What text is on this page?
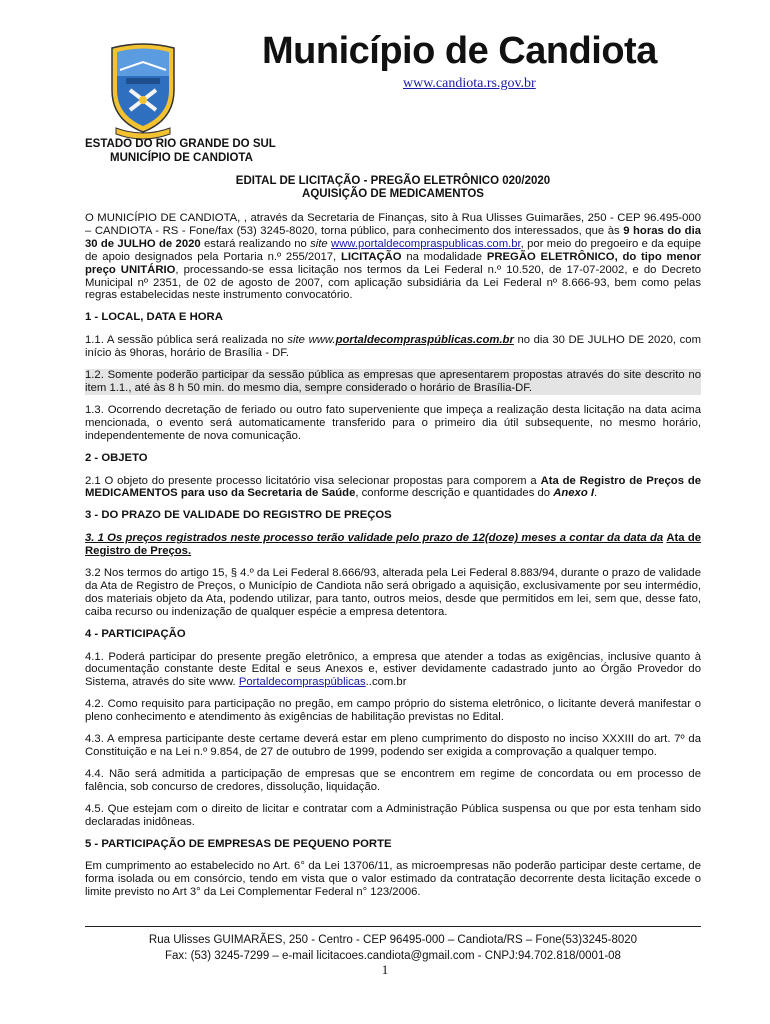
Município de Candiota
www.candiota.rs.gov.br
ESTADO DO RIO GRANDE DO SUL
MUNICÍPIO DE CANDIOTA
EDITAL DE LICITAÇÃO - PREGÃO ELETRÔNICO 020/2020
AQUISIÇÃO DE MEDICAMENTOS

O MUNICÍPIO DE CANDIOTA, , através da Secretaria de Finanças, sito à Rua Ulisses Guimarães, 250 - CEP 96.495-000 – CANDIOTA - RS - Fone/fax (53) 3245-8020, torna público, para conhecimento dos interessados, que às 9 horas do dia 30 de JULHO de 2020 estará realizando no site www.portaldecompraspublicas.com.br, por meio do pregoeiro e da equipe de apoio designados pela Portaria n.º 255/2017, LICITAÇÃO na modalidade PREGÃO ELETRÔNICO, do tipo menor preço UNITÁRIO, processando-se essa licitação nos termos da Lei Federal n.º 10.520, de 17-07-2002, e do Decreto Municipal nº 2351, de 02 de agosto de 2007, com aplicação subsidiária da Lei Federal nº 8.666-93, bem como pelas regras estabelecidas neste instrumento convocatório.

1 - LOCAL, DATA E HORA

1.1. A sessão pública será realizada no site www.portaldecompraspúblicas.com.br no dia 30 DE JULHO DE 2020, com início às 9horas, horário de Brasília - DF.

1.2. Somente poderão participar da sessão pública as empresas que apresentarem propostas através do site descrito no item 1.1., até às 8 h 50 min. do mesmo dia, sempre considerado o horário de Brasília-DF.

1.3. Ocorrendo decretação de feriado ou outro fato superveniente que impeça a realização desta licitação na data acima mencionada, o evento será automaticamente transferido para o primeiro dia útil subsequente, no mesmo horário, independentemente de nova comunicação.

2 - OBJETO

2.1 O objeto do presente processo licitatório visa selecionar propostas para comporem a Ata de Registro de Preços de MEDICAMENTOS para uso da Secretaria de Saúde, conforme descrição e quantidades do Anexo I.

3 - DO PRAZO DE VALIDADE DO REGISTRO DE PREÇOS

3. 1 Os preços registrados neste processo terão validade pelo prazo de 12(doze) meses a contar da data da Ata de Registro de Preços.

3.2 Nos termos do artigo 15, § 4.º da Lei Federal 8.666/93, alterada pela Lei Federal 8.883/94, durante o prazo de validade da Ata de Registro de Preços, o Município de Candiota não será obrigado a aquisição, exclusivamente por seu intermédio, dos materiais objeto da Ata, podendo utilizar, para tanto, outros meios, desde que permitidos em lei, sem que, desse fato, caiba recurso ou indenização de qualquer espécie a empresa detentora.

4 - PARTICIPAÇÃO

4.1. Poderá participar do presente pregão eletrônico, a empresa que atender a todas as exigências, inclusive quanto à documentação constante deste Edital e seus Anexos e, estiver devidamente cadastrado junto ao Órgão Provedor do Sistema, através do site www. Portaldecompraspúblicas..com.br

4.2. Como requisito para participação no pregão, em campo próprio do sistema eletrônico, o licitante deverá manifestar o pleno conhecimento e atendimento às exigências de habilitação previstas no Edital.

4.3. A empresa participante deste certame deverá estar em pleno cumprimento do disposto no inciso XXXIII do art. 7º da Constituição e na Lei n.º 9.854, de 27 de outubro de 1999, podendo ser exigida a comprovação a qualquer tempo.

4.4. Não será admitida a participação de empresas que se encontrem em regime de concordata ou em processo de falência, sob concurso de credores, dissolução, liquidação.

4.5. Que estejam com o direito de licitar e contratar com a Administração Pública suspensa ou que por esta tenham sido declaradas inidôneas.

5 - PARTICIPAÇÃO DE EMPRESAS DE PEQUENO PORTE

Em cumprimento ao estabelecido no Art. 6° da Lei 13706/11, as microempresas não poderão participar deste certame, de forma isolada ou em consórcio, tendo em vista que o valor estimado da contratação decorrente desta licitação excede o limite previsto no Art 3° da Lei Complementar Federal n° 123/2006.

Rua Ulisses GUIMARÃES, 250 - Centro - CEP 96495-000 – Candiota/RS – Fone(53)3245-8020
Fax: (53) 3245-7299 – e-mail licitacoes.candiota@gmail.com - CNPJ:94.702.818/0001-08
1
